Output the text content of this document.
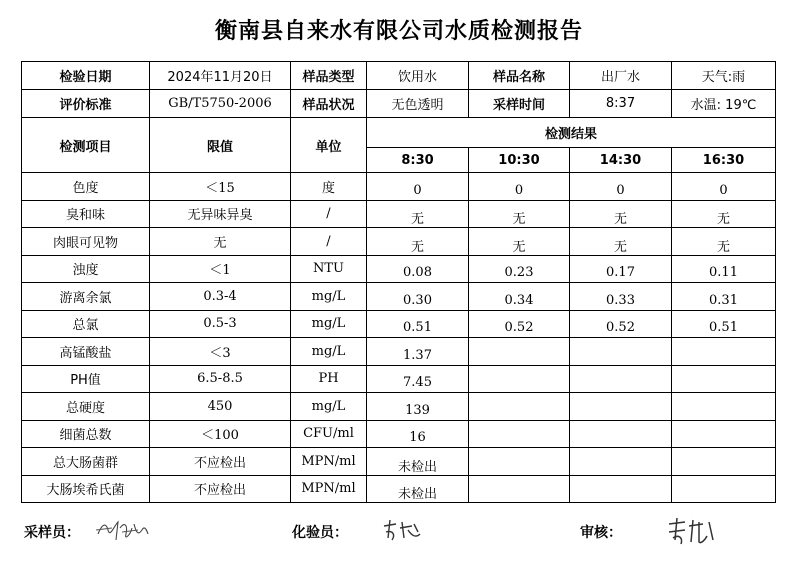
衡南县自来水有限公司水质检测报告
检验日期	2024年11月20日	样品类型	饮用水	样品名称	出厂水	天气:雨
评价标准	GB/T5750-2006	样品状况	无色透明	采样时间	8:37	水温: 19℃
检测项目	限值	单位	检测结果			
			8:30	10:30	14:30	16:30
色度	＜15	度	0	0	0	0
臭和味	无异味异臭	/	无	无	无	无
肉眼可见物	无	/	无	无	无	无
浊度	＜1	NTU	0.08	0.23	0.17	0.11
游离余氯	0.3-4	mg/L	0.30	0.34	0.33	0.31
总氯	0.5-3	mg/L	0.51	0.52	0.52	0.51
高锰酸盐	＜3	mg/L	1.37			
PH值	6.5-8.5	PH	7.45			
总硬度	450	mg/L	139			
细菌总数	＜100	CFU/ml	16			
总大肠菌群	不应检出	MPN/ml	未检出			
大肠埃希氏菌	不应检出	MPN/ml	未检出			
采样员：	化验员：	审核：
